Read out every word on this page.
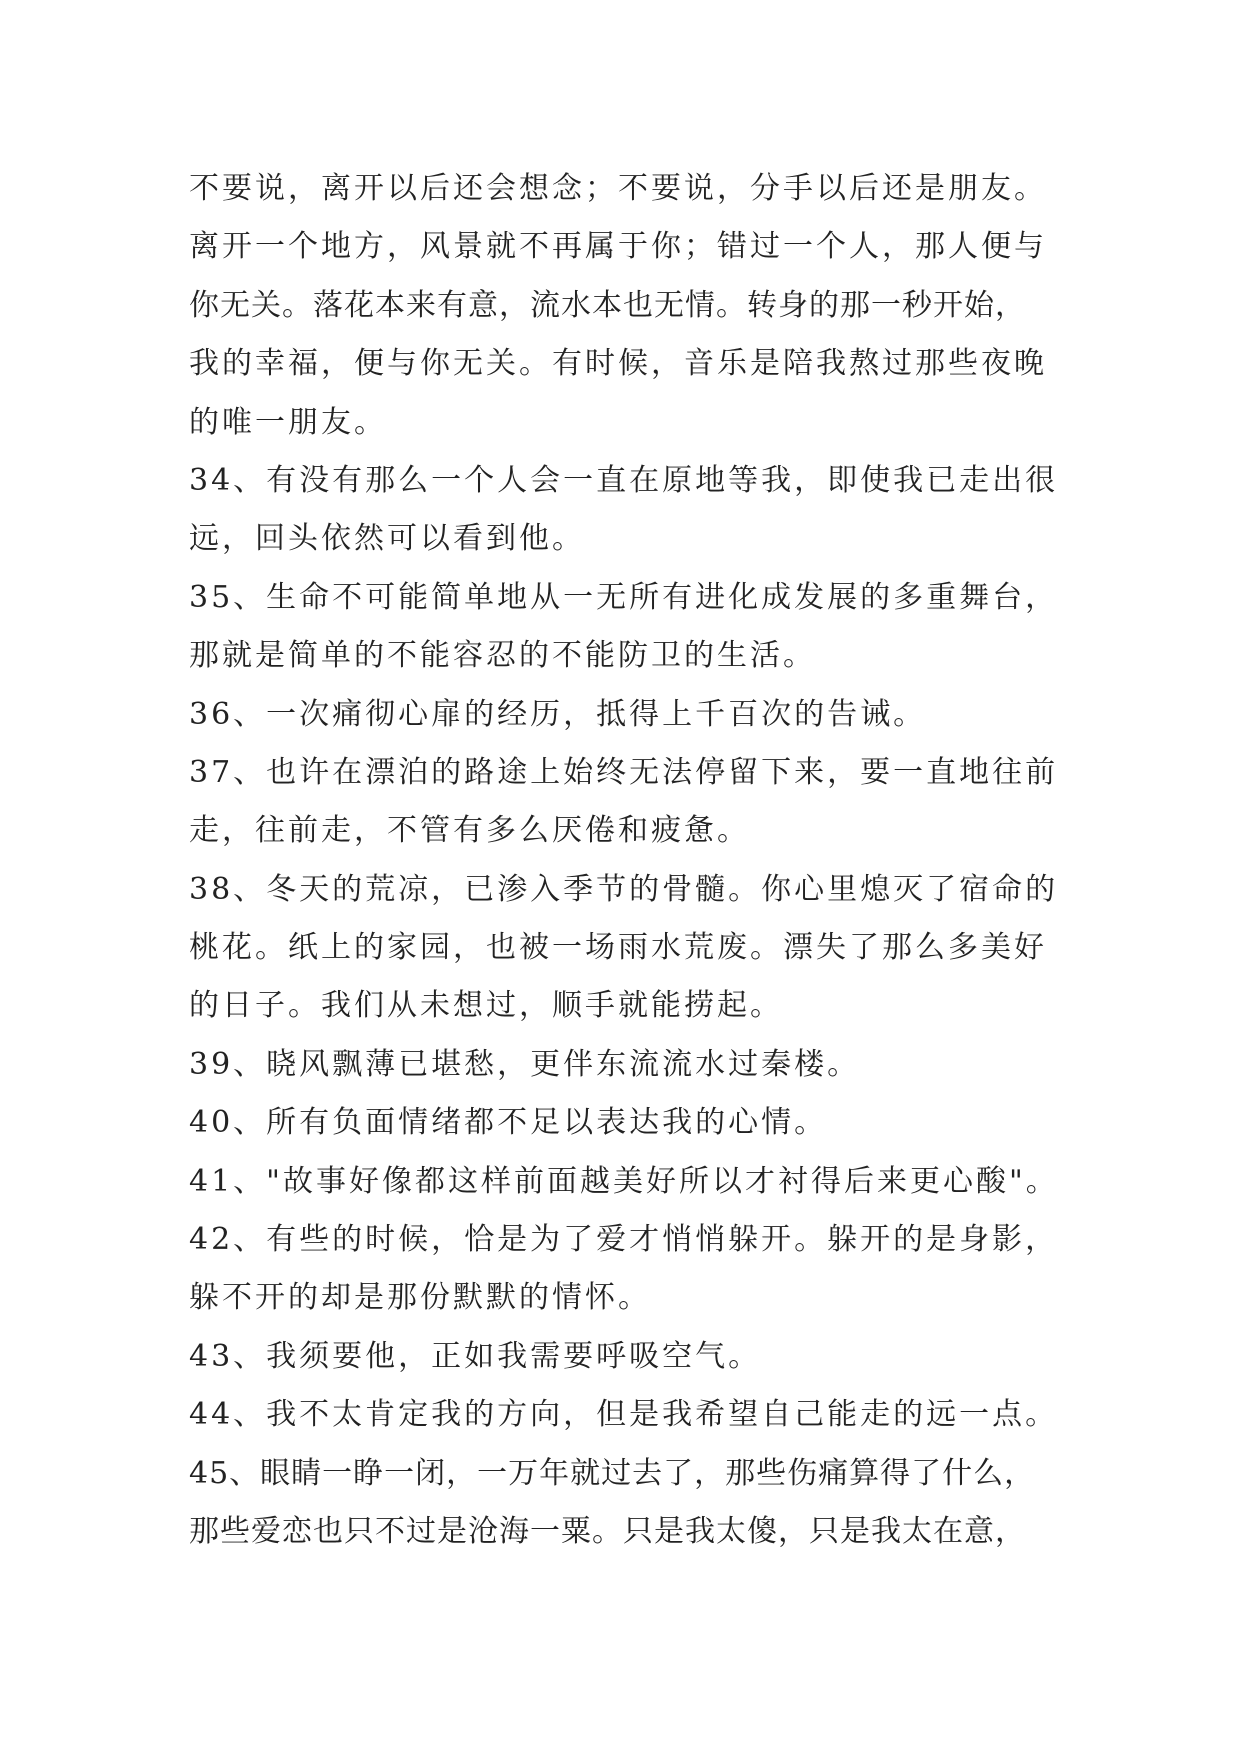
不要说，离开以后还会想念；不要说，分手以后还是朋友。
离开一个地方，风景就不再属于你；错过一个人，那人便与
你无关。落花本来有意，流水本也无情。转身的那一秒开始，
我的幸福，便与你无关。有时候，音乐是陪我熬过那些夜晚
的唯一朋友。
34、有没有那么一个人会一直在原地等我，即使我已走出很
远，回头依然可以看到他。
35、生命不可能简单地从一无所有进化成发展的多重舞台，
那就是简单的不能容忍的不能防卫的生活。
36、一次痛彻心扉的经历，抵得上千百次的告诫。
37、也许在漂泊的路途上始终无法停留下来，要一直地往前
走，往前走，不管有多么厌倦和疲惫。
38、冬天的荒凉，已渗入季节的骨髓。你心里熄灭了宿命的
桃花。纸上的家园，也被一场雨水荒废。漂失了那么多美好
的日子。我们从未想过，顺手就能捞起。
39、晓风飘薄已堪愁，更伴东流流水过秦楼。
40、所有负面情绪都不足以表达我的心情。
41、"故事好像都这样前面越美好所以才衬得后来更心酸"。
42、有些的时候，恰是为了爱才悄悄躲开。躲开的是身影，
躲不开的却是那份默默的情怀。
43、我须要他，正如我需要呼吸空气。
44、我不太肯定我的方向，但是我希望自己能走的远一点。
45、眼睛一睁一闭，一万年就过去了，那些伤痛算得了什么，
那些爱恋也只不过是沧海一粟。只是我太傻，只是我太在意，
